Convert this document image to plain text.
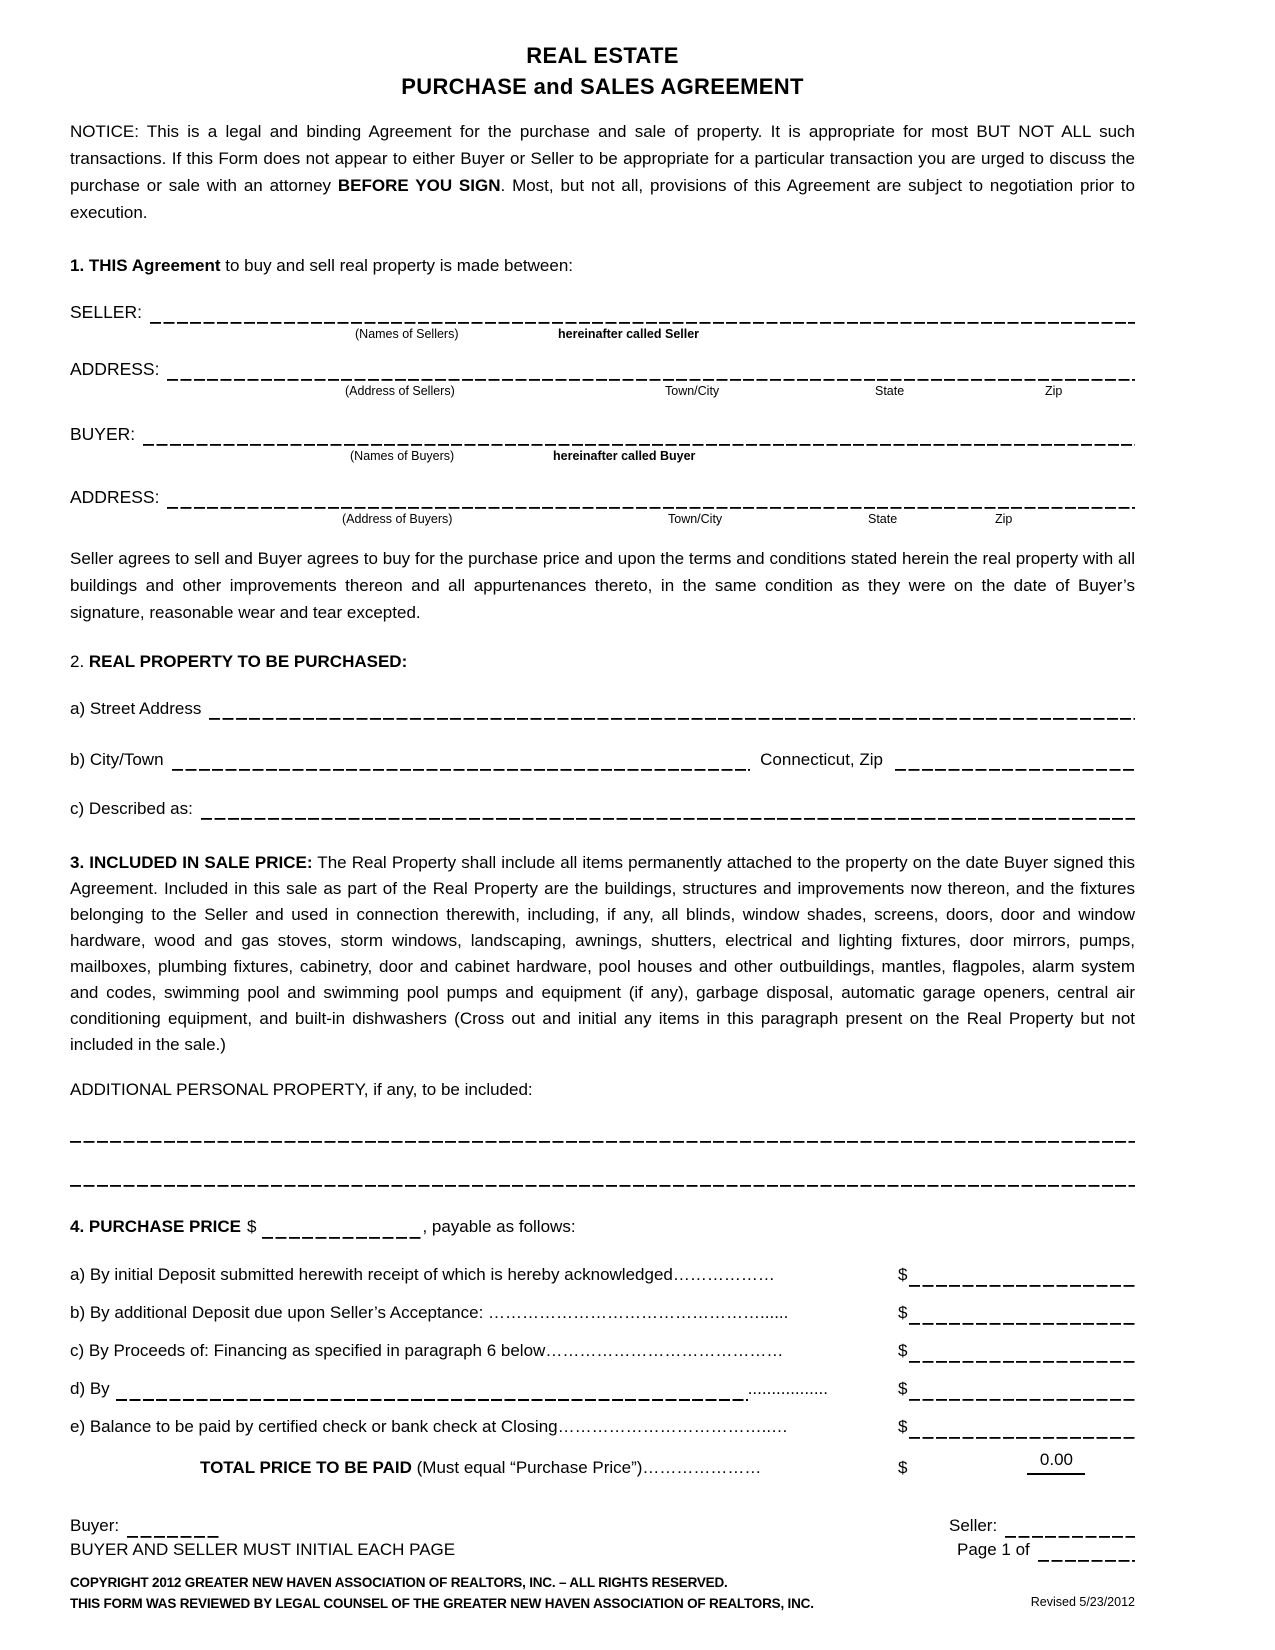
REAL ESTATE
PURCHASE and SALES AGREEMENT

NOTICE: This is a legal and binding Agreement for the purchase and sale of property. It is appropriate for most BUT NOT ALL such transactions. If this Form does not appear to either Buyer or Seller to be appropriate for a particular transaction you are urged to discuss the purchase or sale with an attorney BEFORE YOU SIGN. Most, but not all, provisions of this Agreement are subject to negotiation prior to execution.

1. THIS Agreement to buy and sell real property is made between:
SELLER:
(Names of Sellers)	hereinafter called Seller
ADDRESS:
(Address of Sellers)	Town/City	State	Zip
BUYER:
(Names of Buyers)	hereinafter called Buyer
ADDRESS:
(Address of Buyers)	Town/City	State	Zip

Seller agrees to sell and Buyer agrees to buy for the purchase price and upon the terms and conditions stated herein the real property with all buildings and other improvements thereon and all appurtenances thereto, in the same condition as they were on the date of Buyer’s signature, reasonable wear and tear excepted.

2. REAL PROPERTY TO BE PURCHASED:
a) Street Address
b) City/Town	Connecticut, Zip
c) Described as:

3. INCLUDED IN SALE PRICE: The Real Property shall include all items permanently attached to the property on the date Buyer signed this Agreement. Included in this sale as part of the Real Property are the buildings, structures and improvements now thereon, and the fixtures belonging to the Seller and used in connection therewith, including, if any, all blinds, window shades, screens, doors, door and window hardware, wood and gas stoves, storm windows, landscaping, awnings, shutters, electrical and lighting fixtures, door mirrors, pumps, mailboxes, plumbing fixtures, cabinetry, door and cabinet hardware, pool houses and other outbuildings, mantles, flagpoles, alarm system and codes, swimming pool and swimming pool pumps and equipment (if any), garbage disposal, automatic garage openers, central air conditioning equipment, and built-in dishwashers (Cross out and initial any items in this paragraph present on the Real Property but not included in the sale.)

ADDITIONAL PERSONAL PROPERTY, if any, to be included:
4. PURCHASE PRICE $	, payable as follows:
a) By initial Deposit submitted herewith receipt of which is hereby acknowledged………………	$
b) By additional Deposit due upon Seller’s Acceptance: …………………………………………......	$
c) By Proceeds of: Financing as specified in paragraph 6 below……………………………………	$
d) By	.................	$
e) Balance to be paid by certified check or bank check at Closing………………………………..…	$
TOTAL PRICE TO BE PAID (Must equal “Purchase Price”)…………………	$	0.00
Buyer:	Seller:
BUYER AND SELLER MUST INITIAL EACH PAGE	Page 1 of
COPYRIGHT 2012 GREATER NEW HAVEN ASSOCIATION OF REALTORS, INC. – ALL RIGHTS RESERVED.
THIS FORM WAS REVIEWED BY LEGAL COUNSEL OF THE GREATER NEW HAVEN ASSOCIATION OF REALTORS, INC.	Revised 5/23/2012
